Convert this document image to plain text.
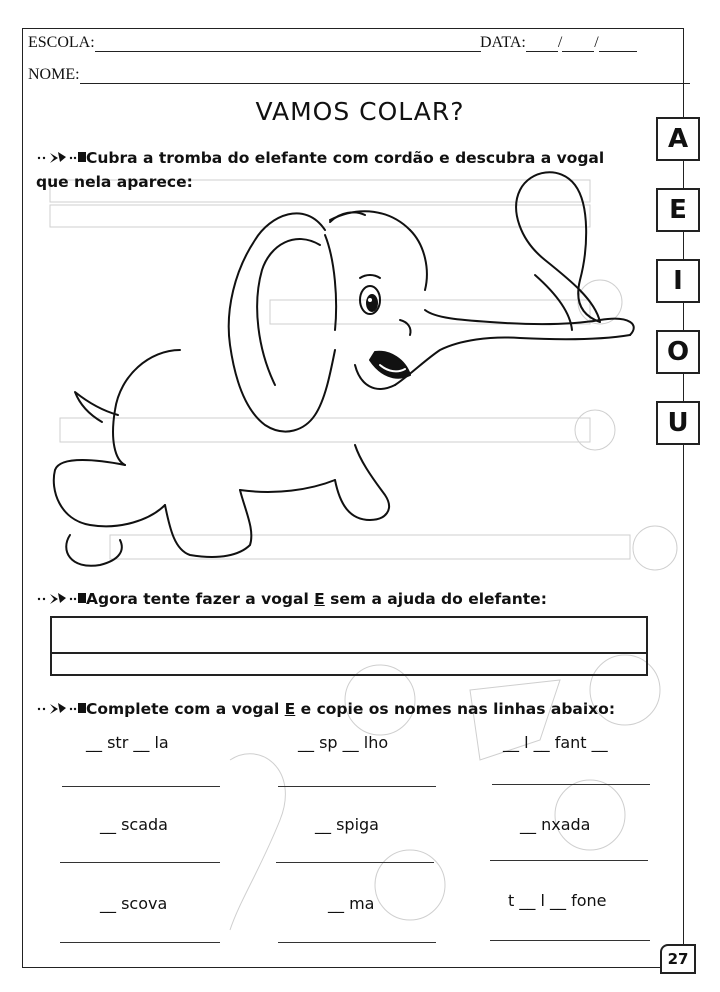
ESCOLA:	DATA: / /
NOME:
VAMOS COLAR?
Cubra a tromba do elefante com cordão e descubra a vogal
que nela aparece:
A
E
I
O
U
Agora tente fazer a vogal E sem a ajuda do elefante:
Complete com a vogal E e copie os nomes nas linhas abaixo:
__ str __ la	__ sp __ lho	__ l __ fant __
__ scada	__ spiga	__ nxada
__ scova	__ ma	t __ l __ fone
27
